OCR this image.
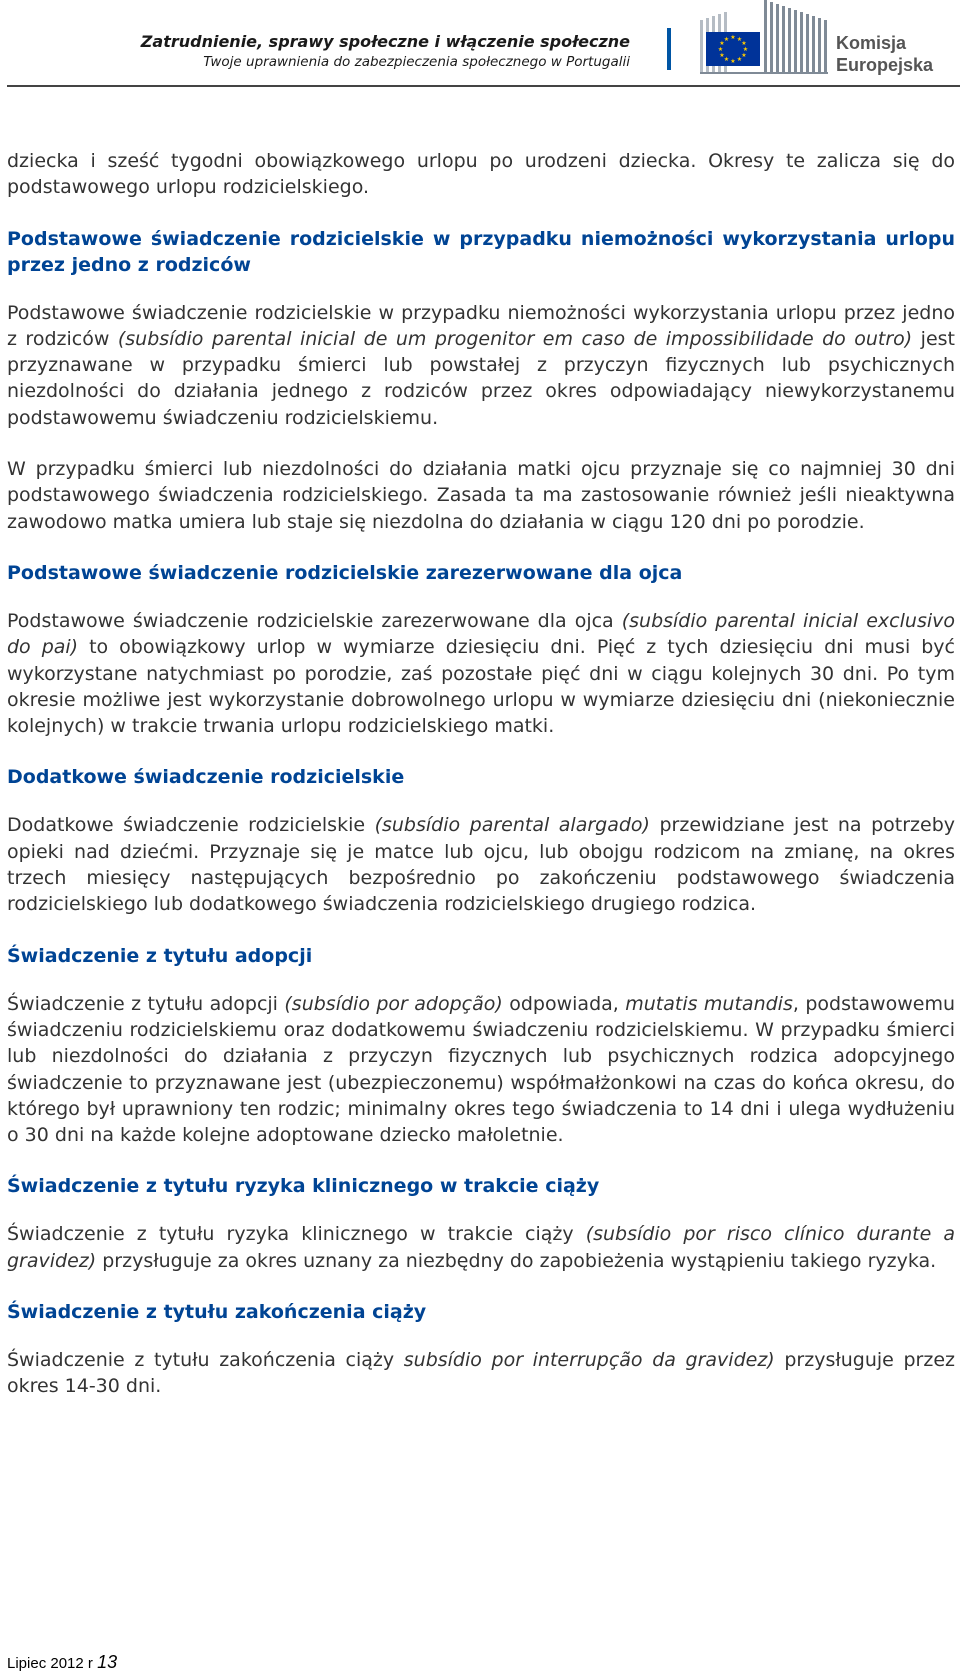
Zatrudnienie, sprawy społeczne i włączenie społeczne
Twoje uprawnienia do zabezpieczenia społecznego w Portugalii
★ ★
★
★
★
★
★
★
★
★
★
★	Komisja
Europejska

dziecka i sześć tygodni obowiązkowego urlopu po urodzeni dziecka. Okresy te zalicza się do podstawowego urlopu rodzicielskiego.

Podstawowe świadczenie rodzicielskie w przypadku niemożności wykorzystania urlopu przez jedno z rodziców

Podstawowe świadczenie rodzicielskie w przypadku niemożności wykorzystania urlopu przez jedno z rodziców (subsídio parental inicial de um progenitor em caso de impossibilidade do outro) jest przyznawane w przypadku śmierci lub powstałej z przyczyn fizycznych lub psychicznych niezdolności do działania jednego z rodziców przez okres odpowiadający niewykorzystanemu podstawowemu świadczeniu rodzicielskiemu.

W przypadku śmierci lub niezdolności do działania matki ojcu przyznaje się co najmniej 30 dni podstawowego świadczenia rodzicielskiego. Zasada ta ma zastosowanie również jeśli nieaktywna zawodowo matka umiera lub staje się niezdolna do działania w ciągu 120 dni po porodzie.

Podstawowe świadczenie rodzicielskie zarezerwowane dla ojca

Podstawowe świadczenie rodzicielskie zarezerwowane dla ojca (subsídio parental inicial exclusivo do pai) to obowiązkowy urlop w wymiarze dziesięciu dni. Pięć z tych dziesięciu dni musi być wykorzystane natychmiast po porodzie, zaś pozostałe pięć dni w ciągu kolejnych 30 dni. Po tym okresie możliwe jest wykorzystanie dobrowolnego urlopu w wymiarze dziesięciu dni (niekoniecznie kolejnych) w trakcie trwania urlopu rodzicielskiego matki.

Dodatkowe świadczenie rodzicielskie

Dodatkowe świadczenie rodzicielskie (subsídio parental alargado) przewidziane jest na potrzeby opieki nad dziećmi. Przyznaje się je matce lub ojcu, lub obojgu rodzicom na zmianę, na okres trzech miesięcy następujących bezpośrednio po zakończeniu podstawowego świadczenia rodzicielskiego lub dodatkowego świadczenia rodzicielskiego drugiego rodzica.

Świadczenie z tytułu adopcji

Świadczenie z tytułu adopcji (subsídio por adopção) odpowiada, mutatis mutandis, podstawowemu świadczeniu rodzicielskiemu oraz dodatkowemu świadczeniu rodzicielskiemu. W przypadku śmierci lub niezdolności do działania z przyczyn fizycznych lub psychicznych rodzica adopcyjnego świadczenie to przyznawane jest (ubezpieczonemu) współmałżonkowi na czas do końca okresu, do którego był uprawniony ten rodzic; minimalny okres tego świadczenia to 14 dni i ulega wydłużeniu o 30 dni na każde kolejne adoptowane dziecko małoletnie.

Świadczenie z tytułu ryzyka klinicznego w trakcie ciąży

Świadczenie z tytułu ryzyka klinicznego w trakcie ciąży (subsídio por risco clínico durante a gravidez) przysługuje za okres uznany za niezbędny do zapobieżenia wystąpieniu takiego ryzyka.

Świadczenie z tytułu zakończenia ciąży

Świadczenie z tytułu zakończenia ciąży subsídio por interrupção da gravidez) przysługuje przez okres 14-30 dni.

Lipiec 2012 r 13
